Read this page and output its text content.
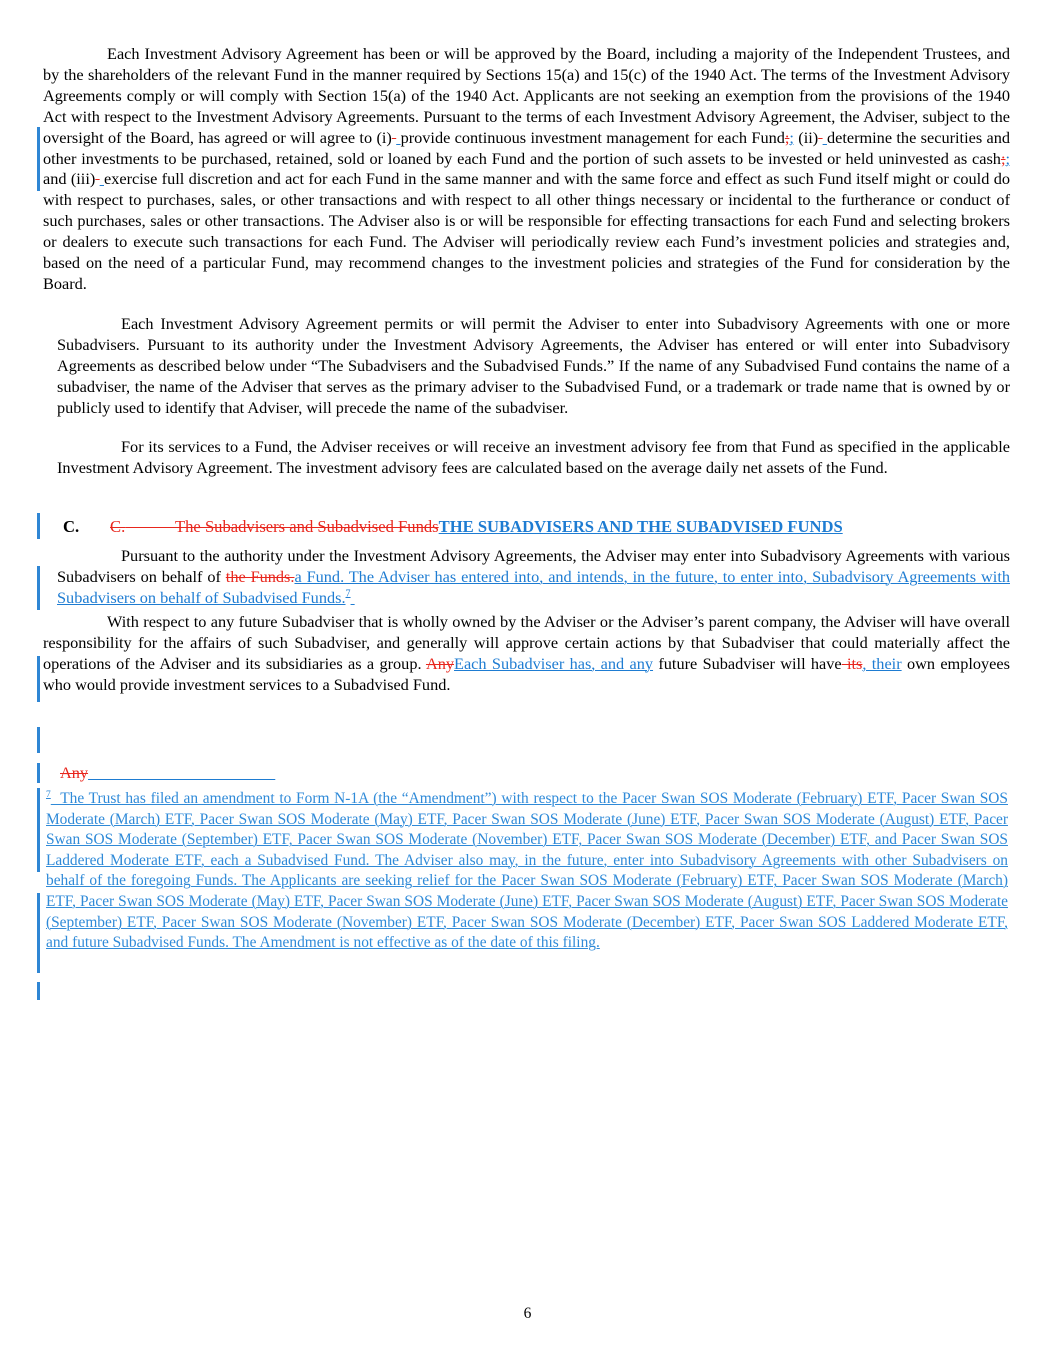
Each Investment Advisory Agreement has been or will be approved by the Board, including a majority of the Independent Trustees, and by the shareholders of the relevant Fund in the manner required by Sections 15(a) and 15(c) of the 1940 Act. The terms of the Investment Advisory Agreements comply or will comply with Section 15(a) of the 1940 Act. Applicants are not seeking an exemption from the provisions of the 1940 Act with respect to the Investment Advisory Agreements. Pursuant to the terms of each Investment Advisory Agreement, the Adviser, subject to the oversight of the Board, has agreed or will agree to (i) provide continuous investment management for each Fund;; (ii) determine the securities and other investments to be purchased, retained, sold or loaned by each Fund and the portion of such assets to be invested or held uninvested as cash;; and (iii) exercise full discretion and act for each Fund in the same manner and with the same force and effect as such Fund itself might or could do with respect to purchases, sales, or other transactions and with respect to all other things necessary or incidental to the furtherance or conduct of such purchases, sales or other transactions. The Adviser also is or will be responsible for effecting transactions for each Fund and selecting brokers or dealers to execute such transactions for each Fund. The Adviser will periodically review each Fund’s investment policies and strategies and, based on the need of a particular Fund, may recommend changes to the investment policies and strategies of the Fund for consideration by the Board.
Each Investment Advisory Agreement permits or will permit the Adviser to enter into Subadvisory Agreements with one or more Subadvisers. Pursuant to its authority under the Investment Advisory Agreements, the Adviser has entered or will enter into Subadvisory Agreements as described below under “The Subadvisers and the Subadvised Funds.” If the name of any Subadvised Fund contains the name of a subadviser, the name of the Adviser that serves as the primary adviser to the Subadvised Fund, or a trademark or trade name that is owned by or publicly used to identify that Adviser, will precede the name of the subadviser.
For its services to a Fund, the Adviser receives or will receive an investment advisory fee from that Fund as specified in the applicable Investment Advisory Agreement. The investment advisory fees are calculated based on the average daily net assets of the Fund.
C. C.	The Subadvisers and Subadvised FundsTHE SUBADVISERS AND THE SUBADVISED FUNDS
Pursuant to the authority under the Investment Advisory Agreements, the Adviser may enter into Subadvisory Agreements with various Subadvisers on behalf of the Funds.a Fund. The Adviser has entered into, and intends, in the future, to enter into, Subadvisory Agreements with Subadvisers on behalf of Subadvised Funds.$^7$
With respect to any future Subadviser that is wholly owned by the Adviser or the Adviser’s parent company, the Adviser will have overall responsibility for the affairs of such Subadviser, and generally will approve certain actions by that Subadviser that could materially affect the operations of the Adviser and its subsidiaries as a group. AnyEach Subadviser has, and any future Subadviser will have its, their own employees who would provide investment services to a Subadvised Fund.
Any
$^7$  The Trust has filed an amendment to Form N-1A (the “Amendment”) with respect to the Pacer Swan SOS Moderate (February) ETF, Pacer Swan SOS Moderate (March) ETF, Pacer Swan SOS Moderate (May) ETF, Pacer Swan SOS Moderate (June) ETF, Pacer Swan SOS Moderate (August) ETF, Pacer Swan SOS Moderate (September) ETF, Pacer Swan SOS Moderate (November) ETF, Pacer Swan SOS Moderate (December) ETF, and Pacer Swan SOS Laddered Moderate ETF, each a Subadvised Fund. The Adviser also may, in the future, enter into Subadvisory Agreements with other Subadvisers on behalf of the foregoing Funds. The Applicants are seeking relief for the Pacer Swan SOS Moderate (February) ETF, Pacer Swan SOS Moderate (March) ETF, Pacer Swan SOS Moderate (May) ETF, Pacer Swan SOS Moderate (June) ETF, Pacer Swan SOS Moderate (August) ETF, Pacer Swan SOS Moderate (September) ETF, Pacer Swan SOS Moderate (November) ETF, Pacer Swan SOS Moderate (December) ETF, Pacer Swan SOS Laddered Moderate ETF, and future Subadvised Funds. The Amendment is not effective as of the date of this filing.
6
